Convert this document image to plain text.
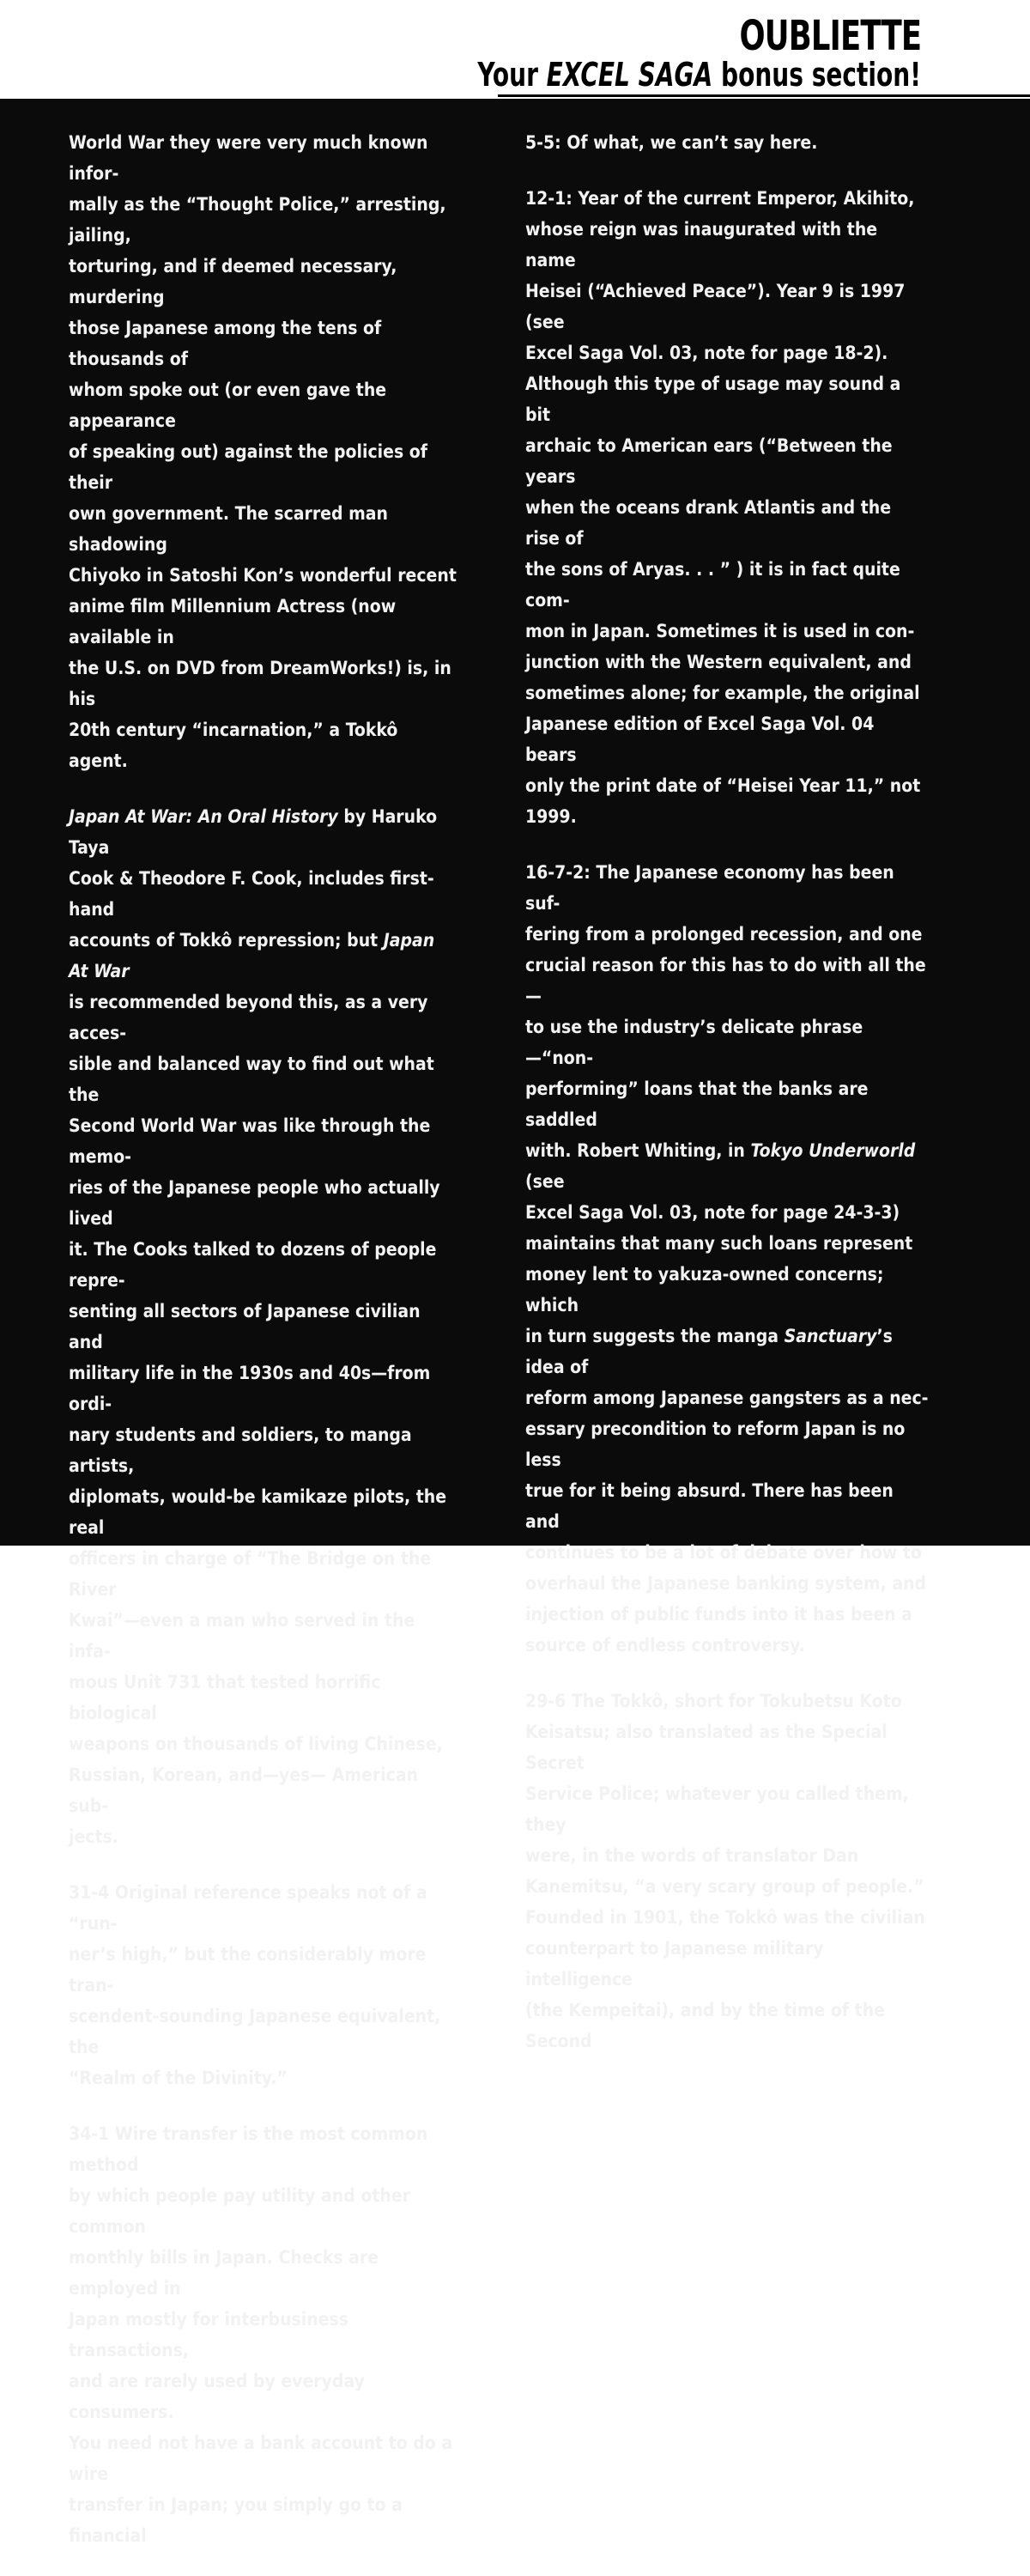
OUBLIETTE
Your EXCEL SAGA bonus section!
World War they were very much known infor-
mally as the “Thought Police,” arresting, jailing,
torturing, and if deemed necessary, murdering
those Japanese among the tens of thousands of
whom spoke out (or even gave the appearance
of speaking out) against the policies of their
own government. The scarred man shadowing
Chiyoko in Satoshi Kon’s wonderful recent
anime film Millennium Actress (now available in
the U.S. on DVD from DreamWorks!) is, in his
20th century “incarnation,” a Tokkô agent.
Japan At War: An Oral History by Haruko Taya
Cook & Theodore F. Cook, includes first-hand
accounts of Tokkô repression; but Japan At War
is recommended beyond this, as a very acces-
sible and balanced way to find out what the
Second World War was like through the memo-
ries of the Japanese people who actually lived
it. The Cooks talked to dozens of people repre-
senting all sectors of Japanese civilian and
military life in the 1930s and 40s—from ordi-
nary students and soldiers, to manga artists,
diplomats, would-be kamikaze pilots, the real
officers in charge of “The Bridge on the River
Kwai”—even a man who served in the infa-
mous Unit 731 that tested horrific biological
weapons on thousands of living Chinese,
Russian, Korean, and—yes— American sub-
jects.
31-4 Original reference speaks not of a “run-
ner’s high,” but the considerably more tran-
scendent-sounding Japanese equivalent, the
“Realm of the Divinity.”
34-1 Wire transfer is the most common method
by which people pay utility and other common
monthly bills in Japan. Checks are employed in
Japan mostly for interbusiness transactions,
and are rarely used by everyday consumers.
You need not have a bank account to do a wire
transfer in Japan; you simply go to a financial
5-5: Of what, we can’t say here.
12-1: Year of the current Emperor, Akihito,
whose reign was inaugurated with the name
Heisei (“Achieved Peace”). Year 9 is 1997 (see
Excel Saga Vol. 03, note for page 18-2).
Although this type of usage may sound a bit
archaic to American ears (“Between the years
when the oceans drank Atlantis and the rise of
the sons of Aryas. . . ” ) it is in fact quite com-
mon in Japan. Sometimes it is used in con-
junction with the Western equivalent, and
sometimes alone; for example, the original
Japanese edition of Excel Saga Vol. 04 bears
only the print date of “Heisei Year 11,” not
1999.
16-7-2: The Japanese economy has been suf-
fering from a prolonged recession, and one
crucial reason for this has to do with all the—
to use the industry’s delicate phrase—“non-
performing” loans that the banks are saddled
with. Robert Whiting, in Tokyo Underworld (see
Excel Saga Vol. 03, note for page 24-3-3)
maintains that many such loans represent
money lent to yakuza-owned concerns; which
in turn suggests the manga Sanctuary’s idea of
reform among Japanese gangsters as a nec-
essary precondition to reform Japan is no less
true for it being absurd. There has been and
continues to be a lot of debate over how to
overhaul the Japanese banking system, and
injection of public funds into it has been a
source of endless controversy.
29-6 The Tokkô, short for Tokubetsu Koto
Keisatsu; also translated as the Special Secret
Service Police; whatever you called them, they
were, in the words of translator Dan
Kanemitsu, “a very scary group of people.”
Founded in 1901, the Tokkô was the civilian
counterpart to Japanese military intelligence
(the Kempeitai), and by the time of the Second
